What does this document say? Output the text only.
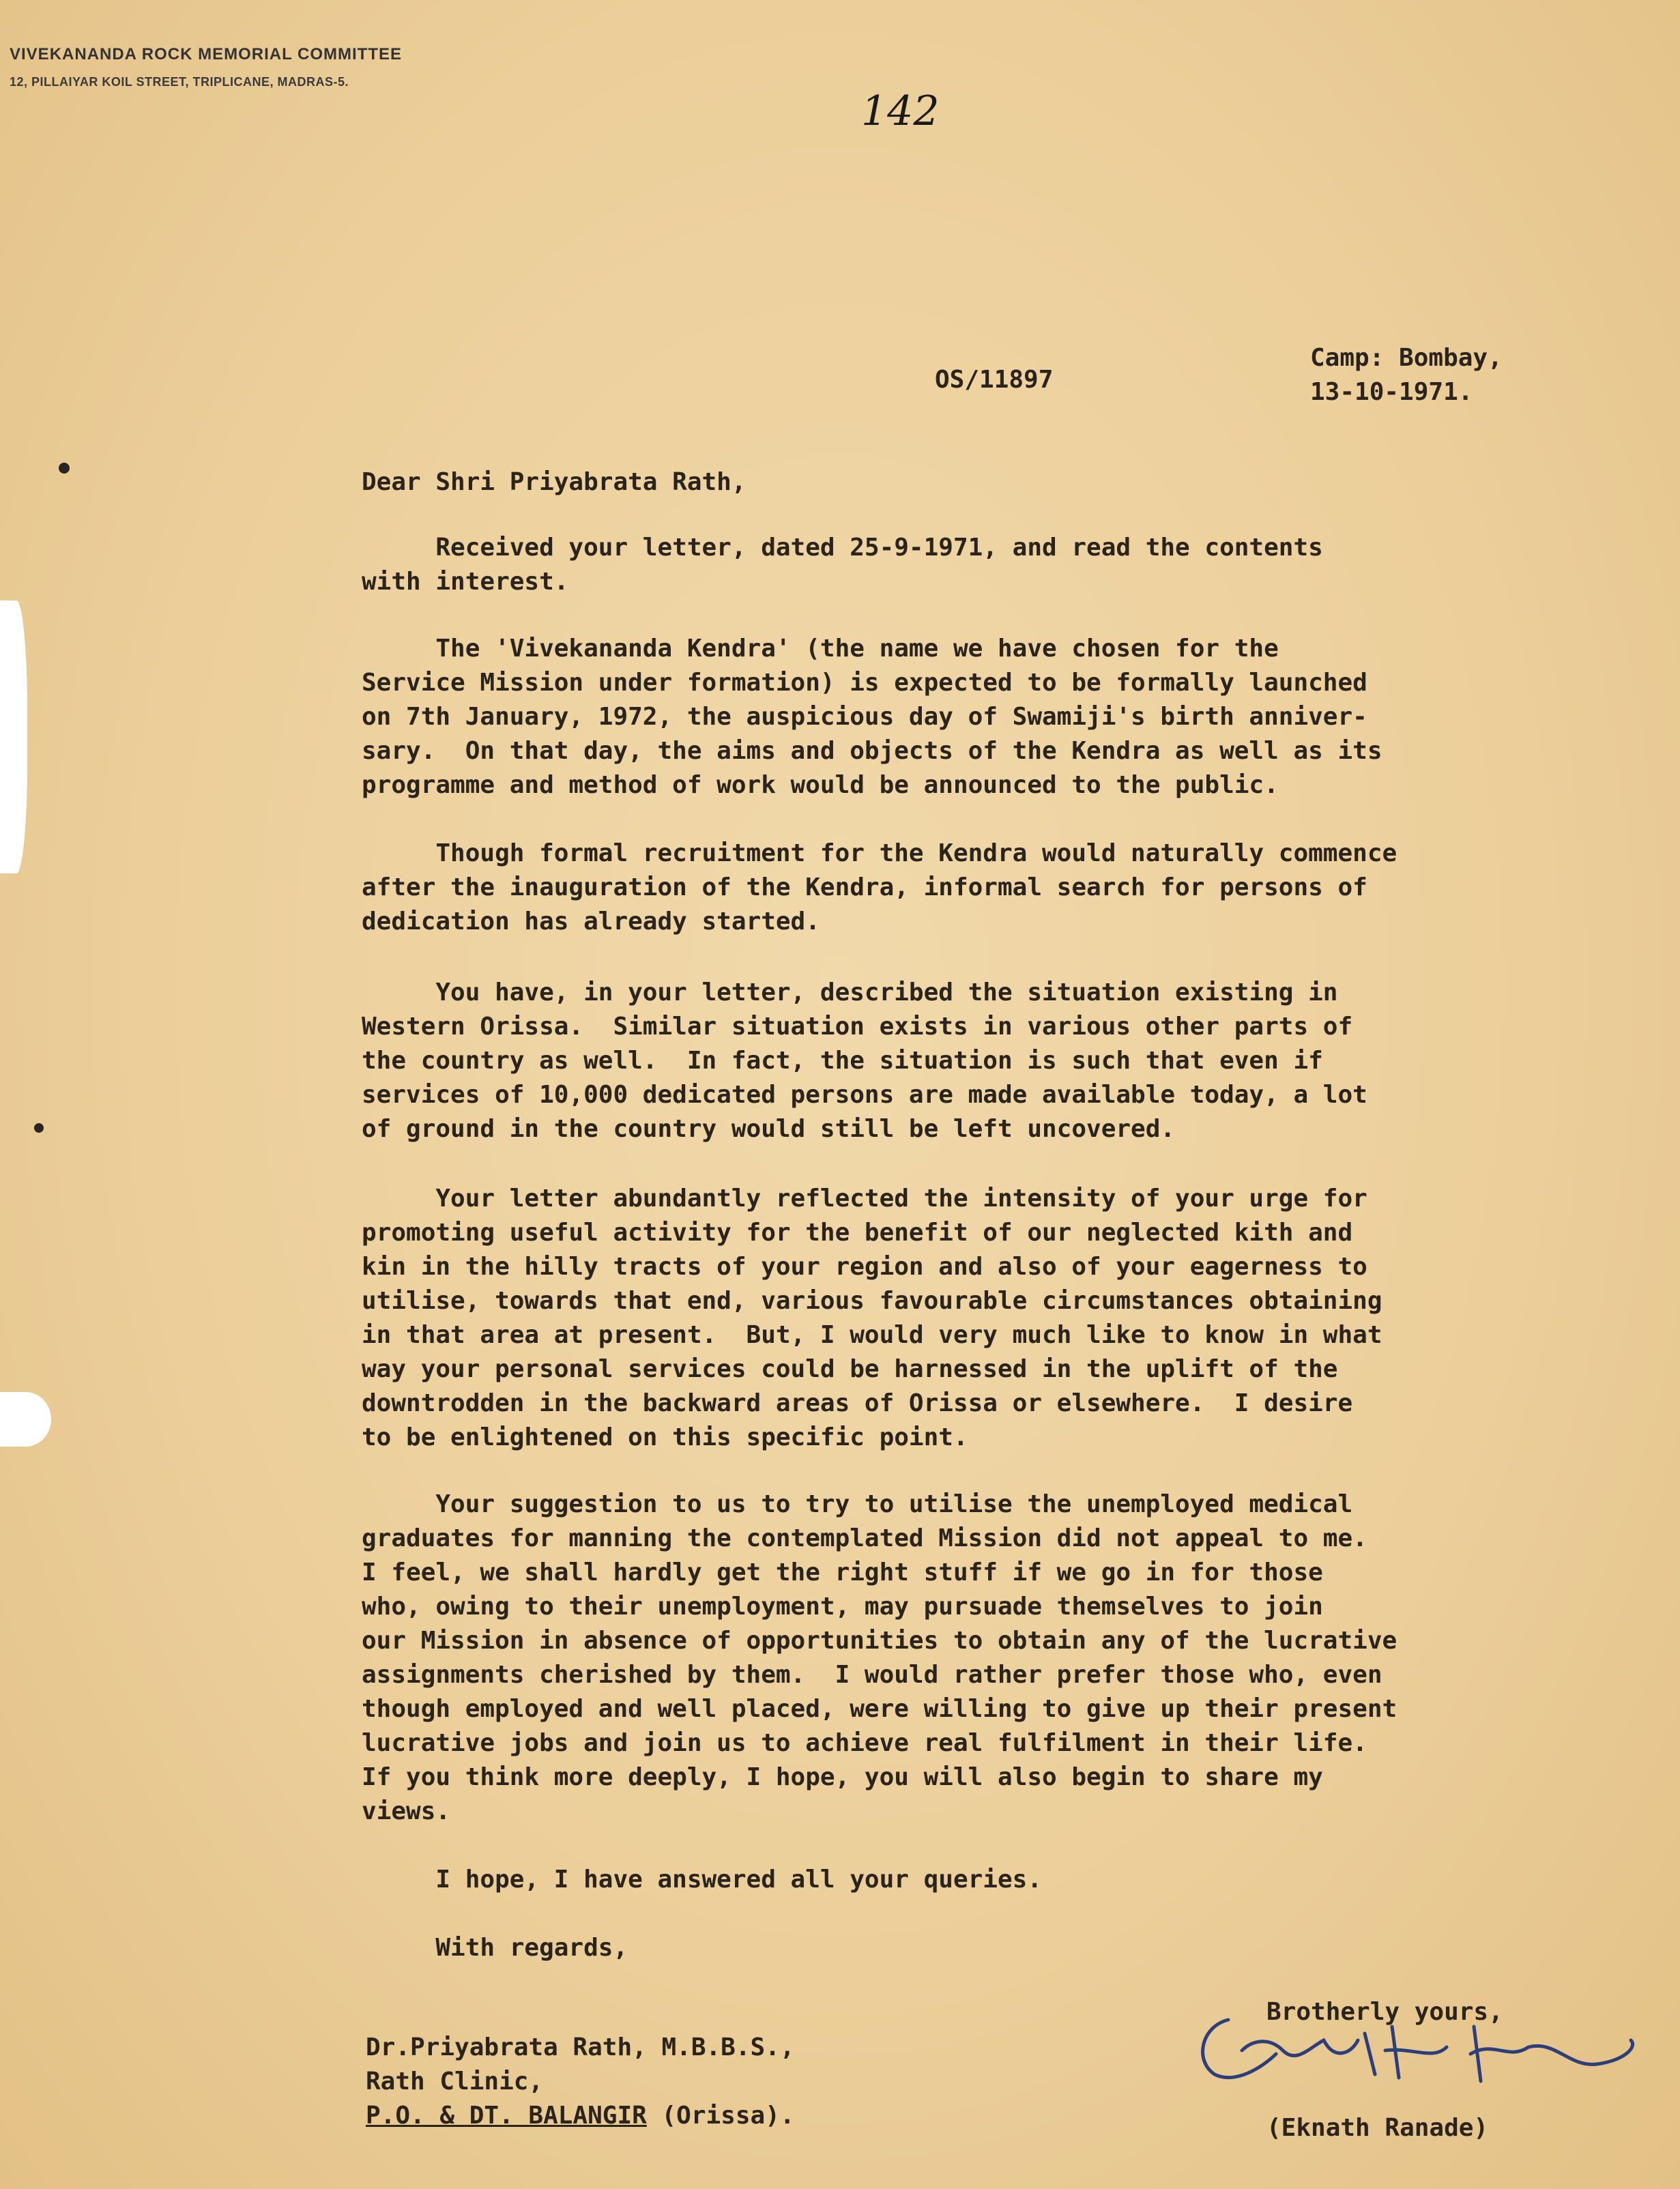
VIVEKANANDA ROCK MEMORIAL COMMITTEE
12, PILLAIYAR KOIL STREET, TRIPLICANE, MADRAS-5.
142
OS/11897
Camp: Bombay,
13-10-1971.
Dear Shri Priyabrata Rath,
Received your letter, dated 25-9-1971, and read the contents
with interest.
The 'Vivekananda Kendra' (the name we have chosen for the
Service Mission under formation) is expected to be formally launched
on 7th January, 1972, the auspicious day of Swamiji's birth anniver-
sary.  On that day, the aims and objects of the Kendra as well as its
programme and method of work would be announced to the public.
Though formal recruitment for the Kendra would naturally commence
after the inauguration of the Kendra, informal search for persons of
dedication has already started.
You have, in your letter, described the situation existing in
Western Orissa.  Similar situation exists in various other parts of
the country as well.  In fact, the situation is such that even if
services of 10,000 dedicated persons are made available today, a lot
of ground in the country would still be left uncovered.
Your letter abundantly reflected the intensity of your urge for
promoting useful activity for the benefit of our neglected kith and
kin in the hilly tracts of your region and also of your eagerness to
utilise, towards that end, various favourable circumstances obtaining
in that area at present.  But, I would very much like to know in what
way your personal services could be harnessed in the uplift of the
downtrodden in the backward areas of Orissa or elsewhere.  I desire
to be enlightened on this specific point.
Your suggestion to us to try to utilise the unemployed medical
graduates for manning the contemplated Mission did not appeal to me.
I feel, we shall hardly get the right stuff if we go in for those
who, owing to their unemployment, may pursuade themselves to join
our Mission in absence of opportunities to obtain any of the lucrative
assignments cherished by them.  I would rather prefer those who, even
though employed and well placed, were willing to give up their present
lucrative jobs and join us to achieve real fulfilment in their life.
If you think more deeply, I hope, you will also begin to share my
views.
I hope, I have answered all your queries.
With regards,
Brotherly yours,
(Eknath Ranade)
Dr.Priyabrata Rath, M.B.B.S.,
Rath Clinic,
P.O. & DT. BALANGIR (Orissa).
